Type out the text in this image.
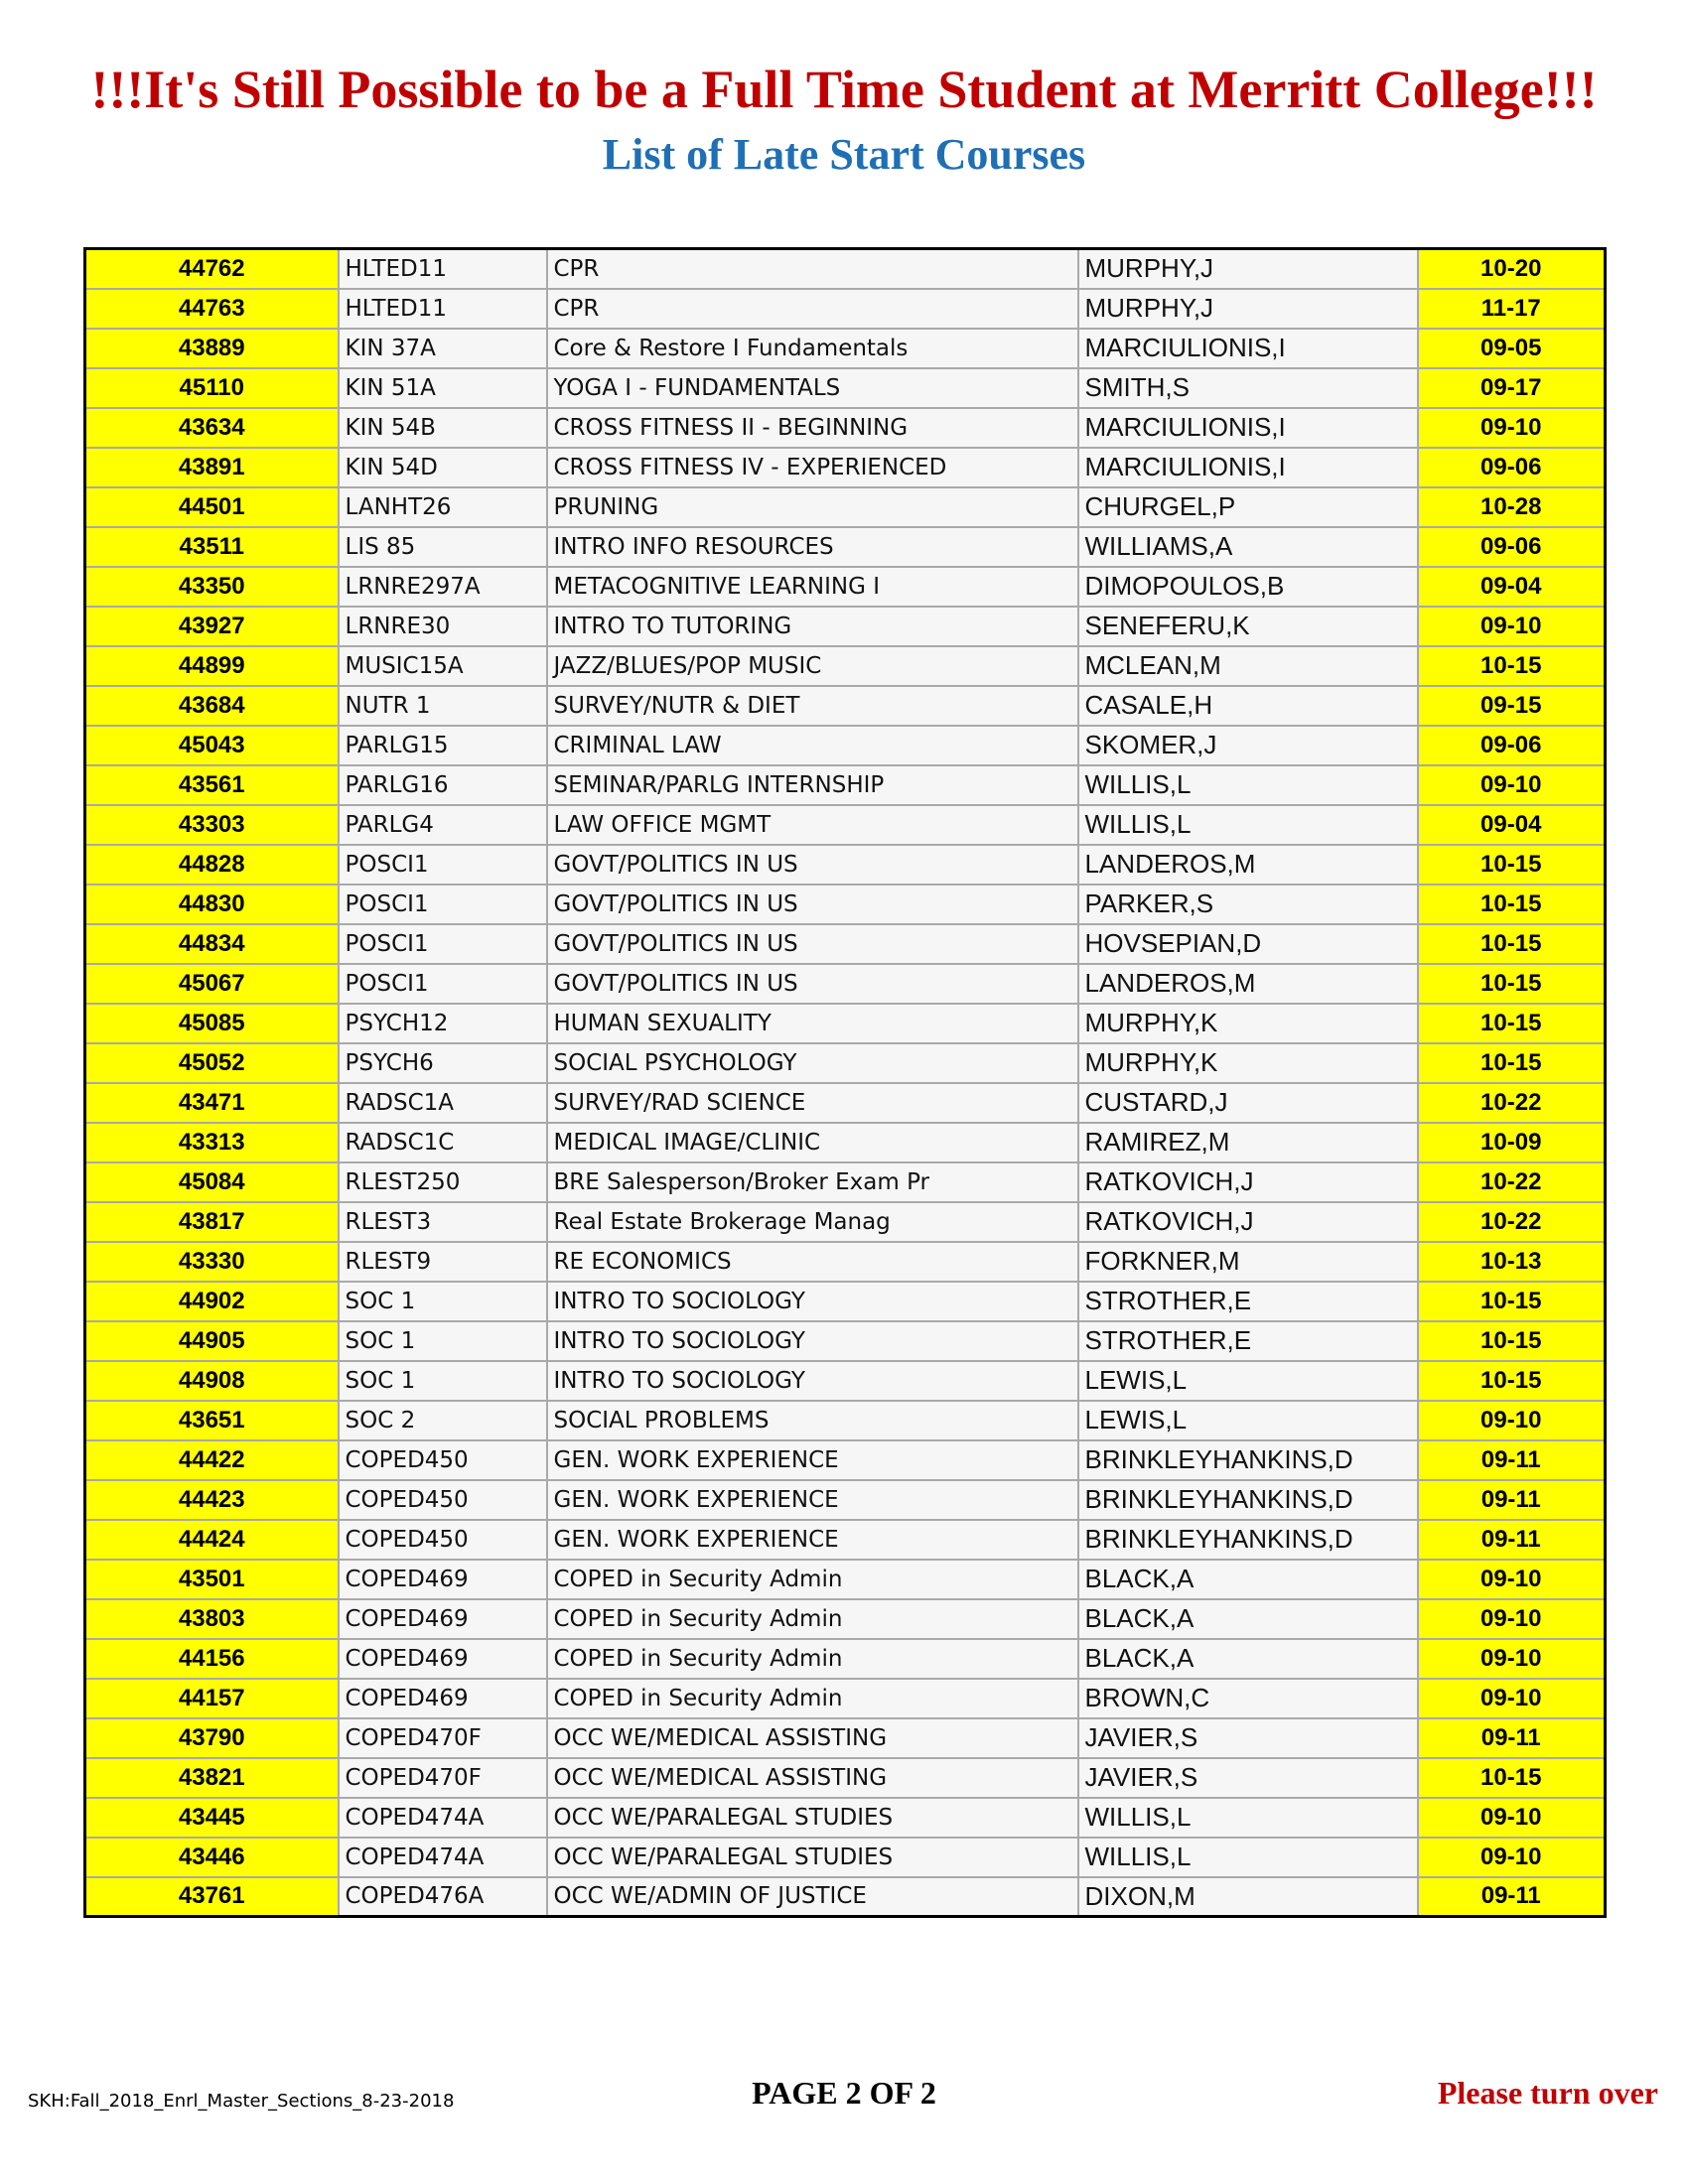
!!!It's Still Possible to be a Full Time Student at Merritt College!!!
List of Late Start Courses
44762	HLTED11	CPR	MURPHY,J	10-20
44763	HLTED11	CPR	MURPHY,J	11-17
43889	KIN 37A	Core & Restore I Fundamentals	MARCIULIONIS,I	09-05
45110	KIN 51A	YOGA I - FUNDAMENTALS	SMITH,S	09-17
43634	KIN 54B	CROSS FITNESS II - BEGINNING	MARCIULIONIS,I	09-10
43891	KIN 54D	CROSS FITNESS IV - EXPERIENCED	MARCIULIONIS,I	09-06
44501	LANHT26	PRUNING	CHURGEL,P	10-28
43511	LIS 85	INTRO INFO RESOURCES	WILLIAMS,A	09-06
43350	LRNRE297A	METACOGNITIVE LEARNING I	DIMOPOULOS,B	09-04
43927	LRNRE30	INTRO TO TUTORING	SENEFERU,K	09-10
44899	MUSIC15A	JAZZ/BLUES/POP MUSIC	MCLEAN,M	10-15
43684	NUTR 1	SURVEY/NUTR & DIET	CASALE,H	09-15
45043	PARLG15	CRIMINAL LAW	SKOMER,J	09-06
43561	PARLG16	SEMINAR/PARLG INTERNSHIP	WILLIS,L	09-10
43303	PARLG4	LAW OFFICE MGMT	WILLIS,L	09-04
44828	POSCI1	GOVT/POLITICS IN US	LANDEROS,M	10-15
44830	POSCI1	GOVT/POLITICS IN US	PARKER,S	10-15
44834	POSCI1	GOVT/POLITICS IN US	HOVSEPIAN,D	10-15
45067	POSCI1	GOVT/POLITICS IN US	LANDEROS,M	10-15
45085	PSYCH12	HUMAN SEXUALITY	MURPHY,K	10-15
45052	PSYCH6	SOCIAL PSYCHOLOGY	MURPHY,K	10-15
43471	RADSC1A	SURVEY/RAD SCIENCE	CUSTARD,J	10-22
43313	RADSC1C	MEDICAL IMAGE/CLINIC	RAMIREZ,M	10-09
45084	RLEST250	BRE Salesperson/Broker Exam Pr	RATKOVICH,J	10-22
43817	RLEST3	Real Estate Brokerage Manag	RATKOVICH,J	10-22
43330	RLEST9	RE ECONOMICS	FORKNER,M	10-13
44902	SOC 1	INTRO TO SOCIOLOGY	STROTHER,E	10-15
44905	SOC 1	INTRO TO SOCIOLOGY	STROTHER,E	10-15
44908	SOC 1	INTRO TO SOCIOLOGY	LEWIS,L	10-15
43651	SOC 2	SOCIAL PROBLEMS	LEWIS,L	09-10
44422	COPED450	GEN. WORK EXPERIENCE	BRINKLEYHANKINS,D	09-11
44423	COPED450	GEN. WORK EXPERIENCE	BRINKLEYHANKINS,D	09-11
44424	COPED450	GEN. WORK EXPERIENCE	BRINKLEYHANKINS,D	09-11
43501	COPED469	COPED in Security Admin	BLACK,A	09-10
43803	COPED469	COPED in Security Admin	BLACK,A	09-10
44156	COPED469	COPED in Security Admin	BLACK,A	09-10
44157	COPED469	COPED in Security Admin	BROWN,C	09-10
43790	COPED470F	OCC WE/MEDICAL ASSISTING	JAVIER,S	09-11
43821	COPED470F	OCC WE/MEDICAL ASSISTING	JAVIER,S	10-15
43445	COPED474A	OCC WE/PARALEGAL STUDIES	WILLIS,L	09-10
43446	COPED474A	OCC WE/PARALEGAL STUDIES	WILLIS,L	09-10
43761	COPED476A	OCC WE/ADMIN OF JUSTICE	DIXON,M	09-11
SKH:Fall_2018_Enrl_Master_Sections_8-23-2018	PAGE 2 OF 2	Please turn over
